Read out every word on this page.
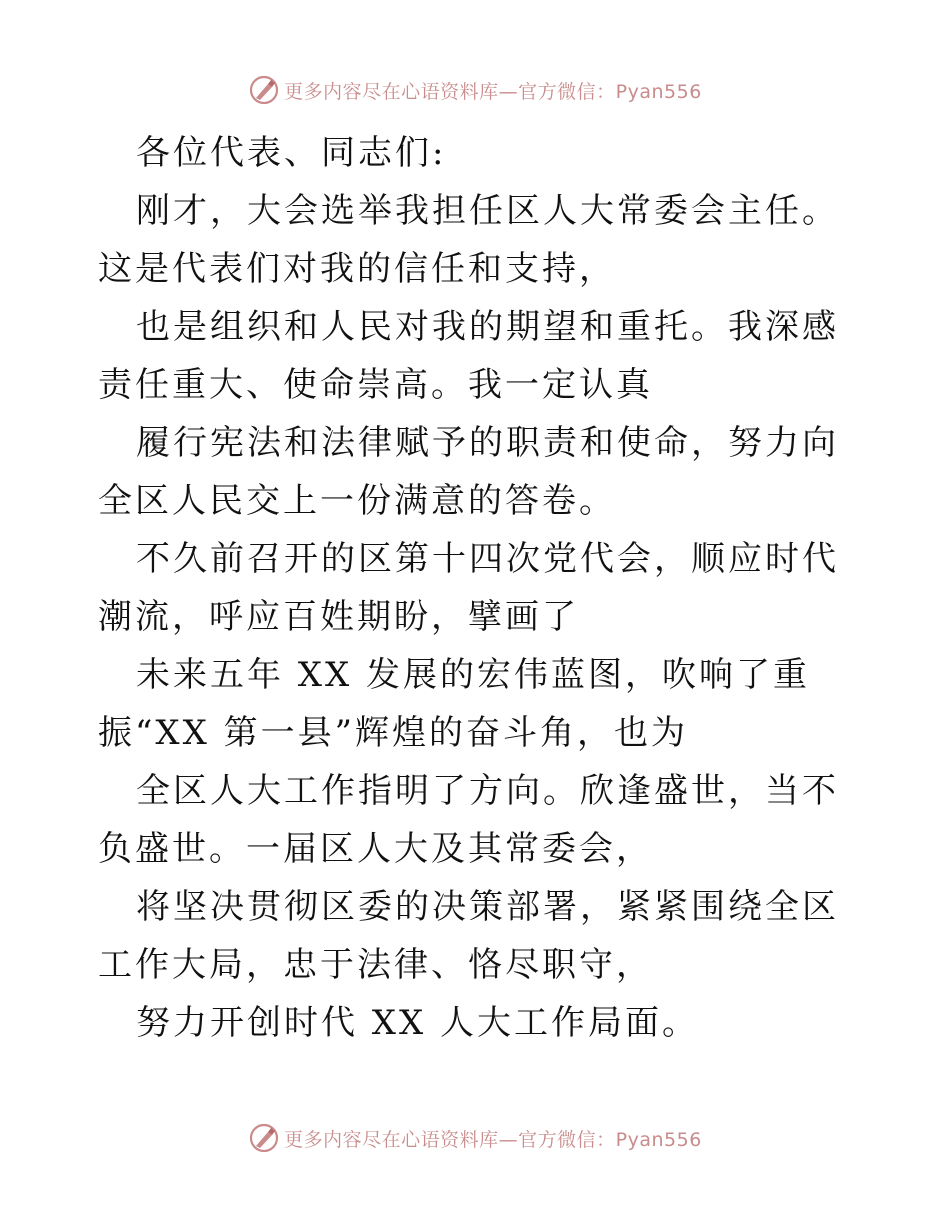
更多内容尽在心语资料库—官方微信：Pyan556

各位代表、同志们:

刚才，大会选举我担任区人大常委会主任。这是代表们对我的信任和支持，

也是组织和人民对我的期望和重托。我深感责任重大、使命崇高。我一定认真

履行宪法和法律赋予的职责和使命，努力向全区人民交上一份满意的答卷。

不久前召开的区第十四次党代会，顺应时代潮流，呼应百姓期盼，擘画了

未来五年 XX 发展的宏伟蓝图，吹响了重振“XX 第一县”辉煌的奋斗角，也为

全区人大工作指明了方向。欣逢盛世，当不负盛世。一届区人大及其常委会，

将坚决贯彻区委的决策部署，紧紧围绕全区工作大局，忠于法律、恪尽职守，

努力开创时代 XX 人大工作局面。

更多内容尽在心语资料库—官方微信：Pyan556
